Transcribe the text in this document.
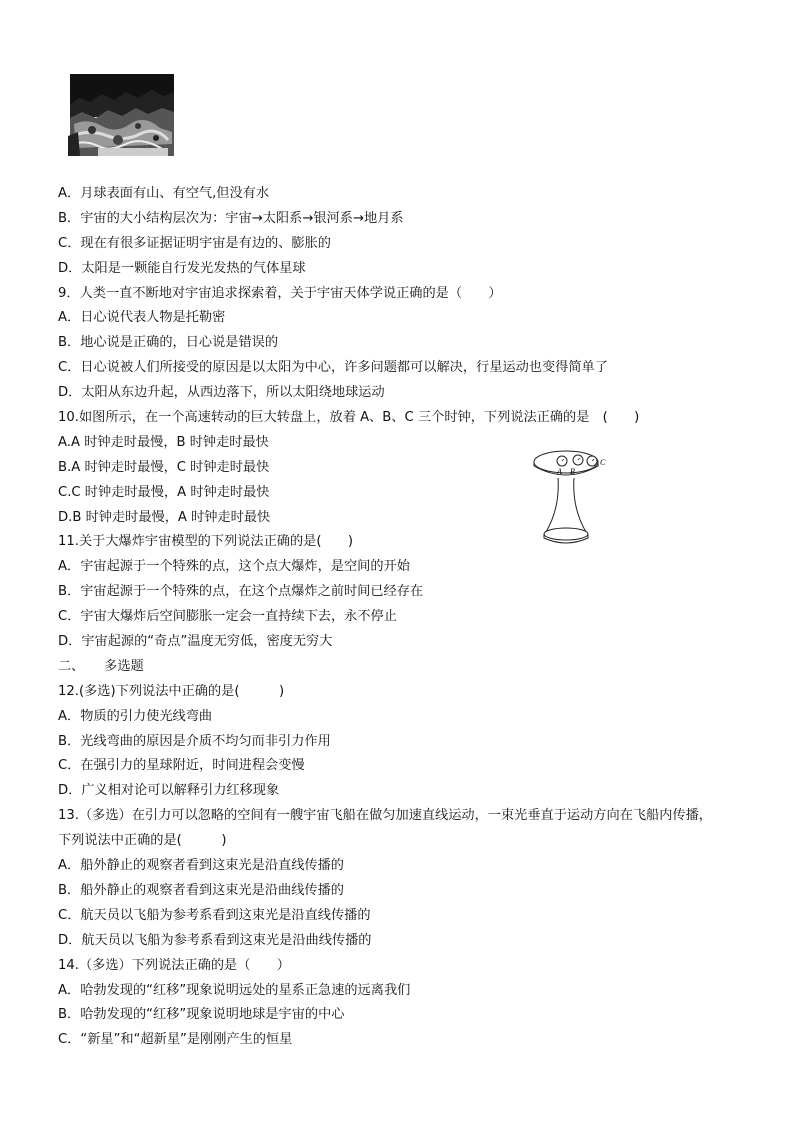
A．月球表面有山、有空气,但没有水
B．宇宙的大小结构层次为：宇宙→太阳系→银河系→地月系
C．现在有很多证据证明宇宙是有边的、膨胀的
D．太阳是一颗能自行发光发热的气体星球
9．人类一直不断地对宇宙追求探索着，关于宇宙天体学说正确的是（　　）
A．日心说代表人物是托勒密
B．地心说是正确的，日心说是错误的
C．日心说被人们所接受的原因是以太阳为中心，许多问题都可以解决，行星运动也变得简单了
D．太阳从东边升起，从西边落下，所以太阳绕地球运动
10.如图所示，在一个高速转动的巨大转盘上，放着 A、B、C 三个时钟，下列说法正确的是　(　　)
A.A 时钟走时最慢，B 时钟走时最快
B.A 时钟走时最慢，C 时钟走时最快
C.C 时钟走时最慢，A 时钟走时最快
D.B 时钟走时最慢，A 时钟走时最快
11.关于大爆炸宇宙模型的下列说法正确的是(　　)
A．宇宙起源于一个特殊的点，这个点大爆炸，是空间的开始
B．宇宙起源于一个特殊的点，在这个点爆炸之前时间已经存在
C．宇宙大爆炸后空间膨胀一定会一直持续下去，永不停止
D．宇宙起源的“奇点”温度无穷低，密度无穷大
二、　　多选题
12.(多选)下列说法中正确的是(　　　)
A．物质的引力使光线弯曲
B．光线弯曲的原因是介质不均匀而非引力作用
C．在强引力的星球附近，时间进程会变慢
D．广义相对论可以解释引力红移现象
13.（多选）在引力可以忽略的空间有一艘宇宙飞船在做匀加速直线运动，一束光垂直于运动方向在飞船内传播，
下列说法中正确的是(　　　)
A．船外静止的观察者看到这束光是沿直线传播的
B．船外静止的观察者看到这束光是沿曲线传播的
C．航天员以飞船为参考系看到这束光是沿直线传播的
D．航天员以飞船为参考系看到这束光是沿曲线传播的
14.（多选）下列说法正确的是（　　）
A．哈勃发现的“红移”现象说明远处的星系正急速的远离我们
B．哈勃发现的“红移”现象说明地球是宇宙的中心
C．“新星”和“超新星”是刚刚产生的恒星
A B
C
